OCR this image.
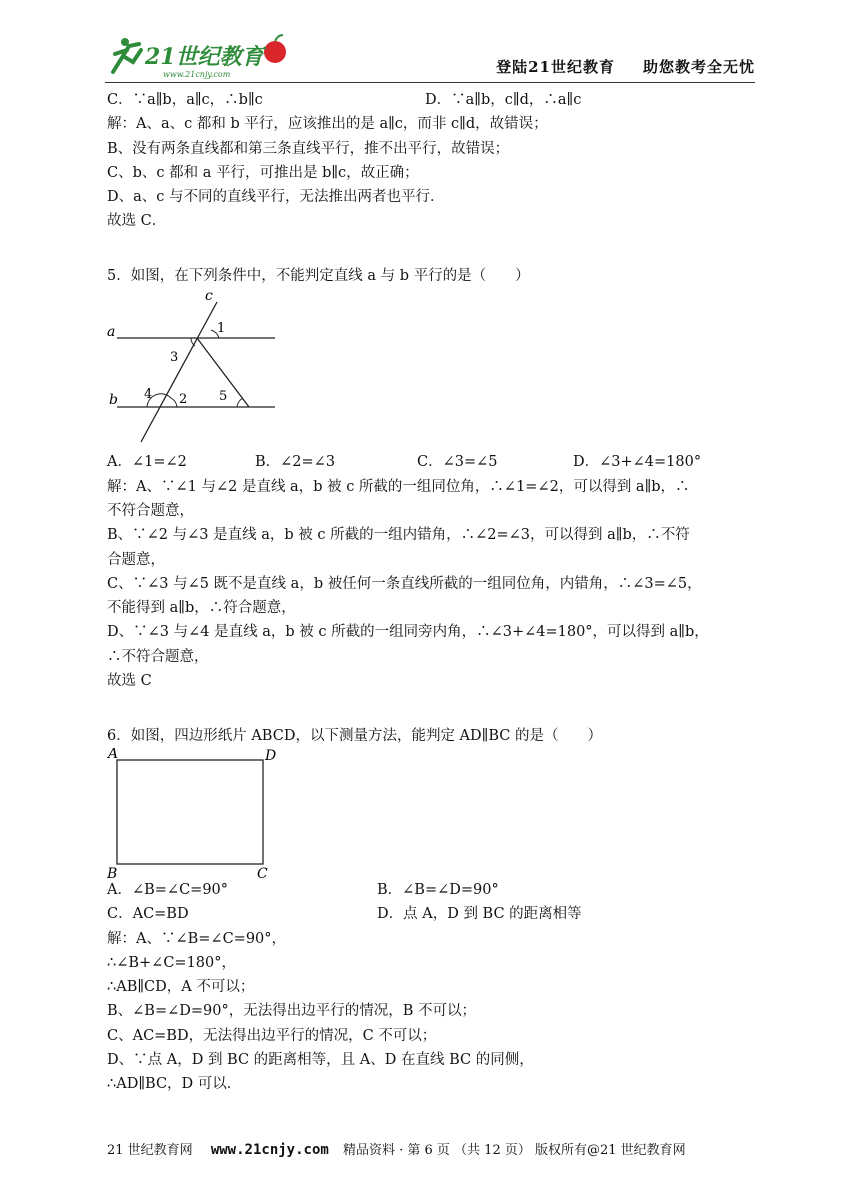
21世纪教育
www.21cnjy.com	登陆21世纪教育 助您教考全无忧
C．∵a∥b，a∥c，∴b∥c	D．∵a∥b，c∥d，∴a∥c
解：A、a、c 都和 b 平行，应该推出的是 a∥c，而非 c∥d，故错误；
B、没有两条直线都和第三条直线平行，推不出平行，故错误；
C、b、c 都和 a 平行，可推出是 b∥c，故正确；
D、a、c 与不同的直线平行，无法推出两者也平行．
故选 C．
5．如图，在下列条件中，不能判定直线 a 与 b 平行的是（　　）
a
b
c
1
3
4 2 5
A．∠1=∠2	B．∠2=∠3	C．∠3=∠5	D．∠3+∠4=180°
解：A、∵∠1 与∠2 是直线 a，b 被 c 所截的一组同位角，∴∠1=∠2，可以得到 a∥b，∴
不符合题意，
B、∵∠2 与∠3 是直线 a，b 被 c 所截的一组内错角，∴∠2=∠3，可以得到 a∥b，∴不符
合题意，
C、∵∠3 与∠5 既不是直线 a，b 被任何一条直线所截的一组同位角，内错角，∴∠3=∠5，
不能得到 a∥b，∴符合题意，
D、∵∠3 与∠4 是直线 a，b 被 c 所截的一组同旁内角，∴∠3+∠4=180°，可以得到 a∥b，
∴不符合题意，
故选 C
6．如图，四边形纸片 ABCD，以下测量方法，能判定 AD∥BC 的是（　　）
A	D
B	C
A．∠B=∠C=90°	B．∠B=∠D=90°
C．AC=BD	D．点 A，D 到 BC 的距离相等
解：A、∵∠B=∠C=90°，
∴∠B+∠C=180°，
∴AB∥CD，A 不可以；
B、∠B=∠D=90°，无法得出边平行的情况，B 不可以；
C、AC=BD，无法得出边平行的情况，C 不可以；
D、∵点 A，D 到 BC 的距离相等，且 A、D 在直线 BC 的同侧，
∴AD∥BC，D 可以．
21 世纪教育网 www.21cnjy.com 精品资料 · 第 6 页 （共 12 页） 版权所有@21 世纪教育网
